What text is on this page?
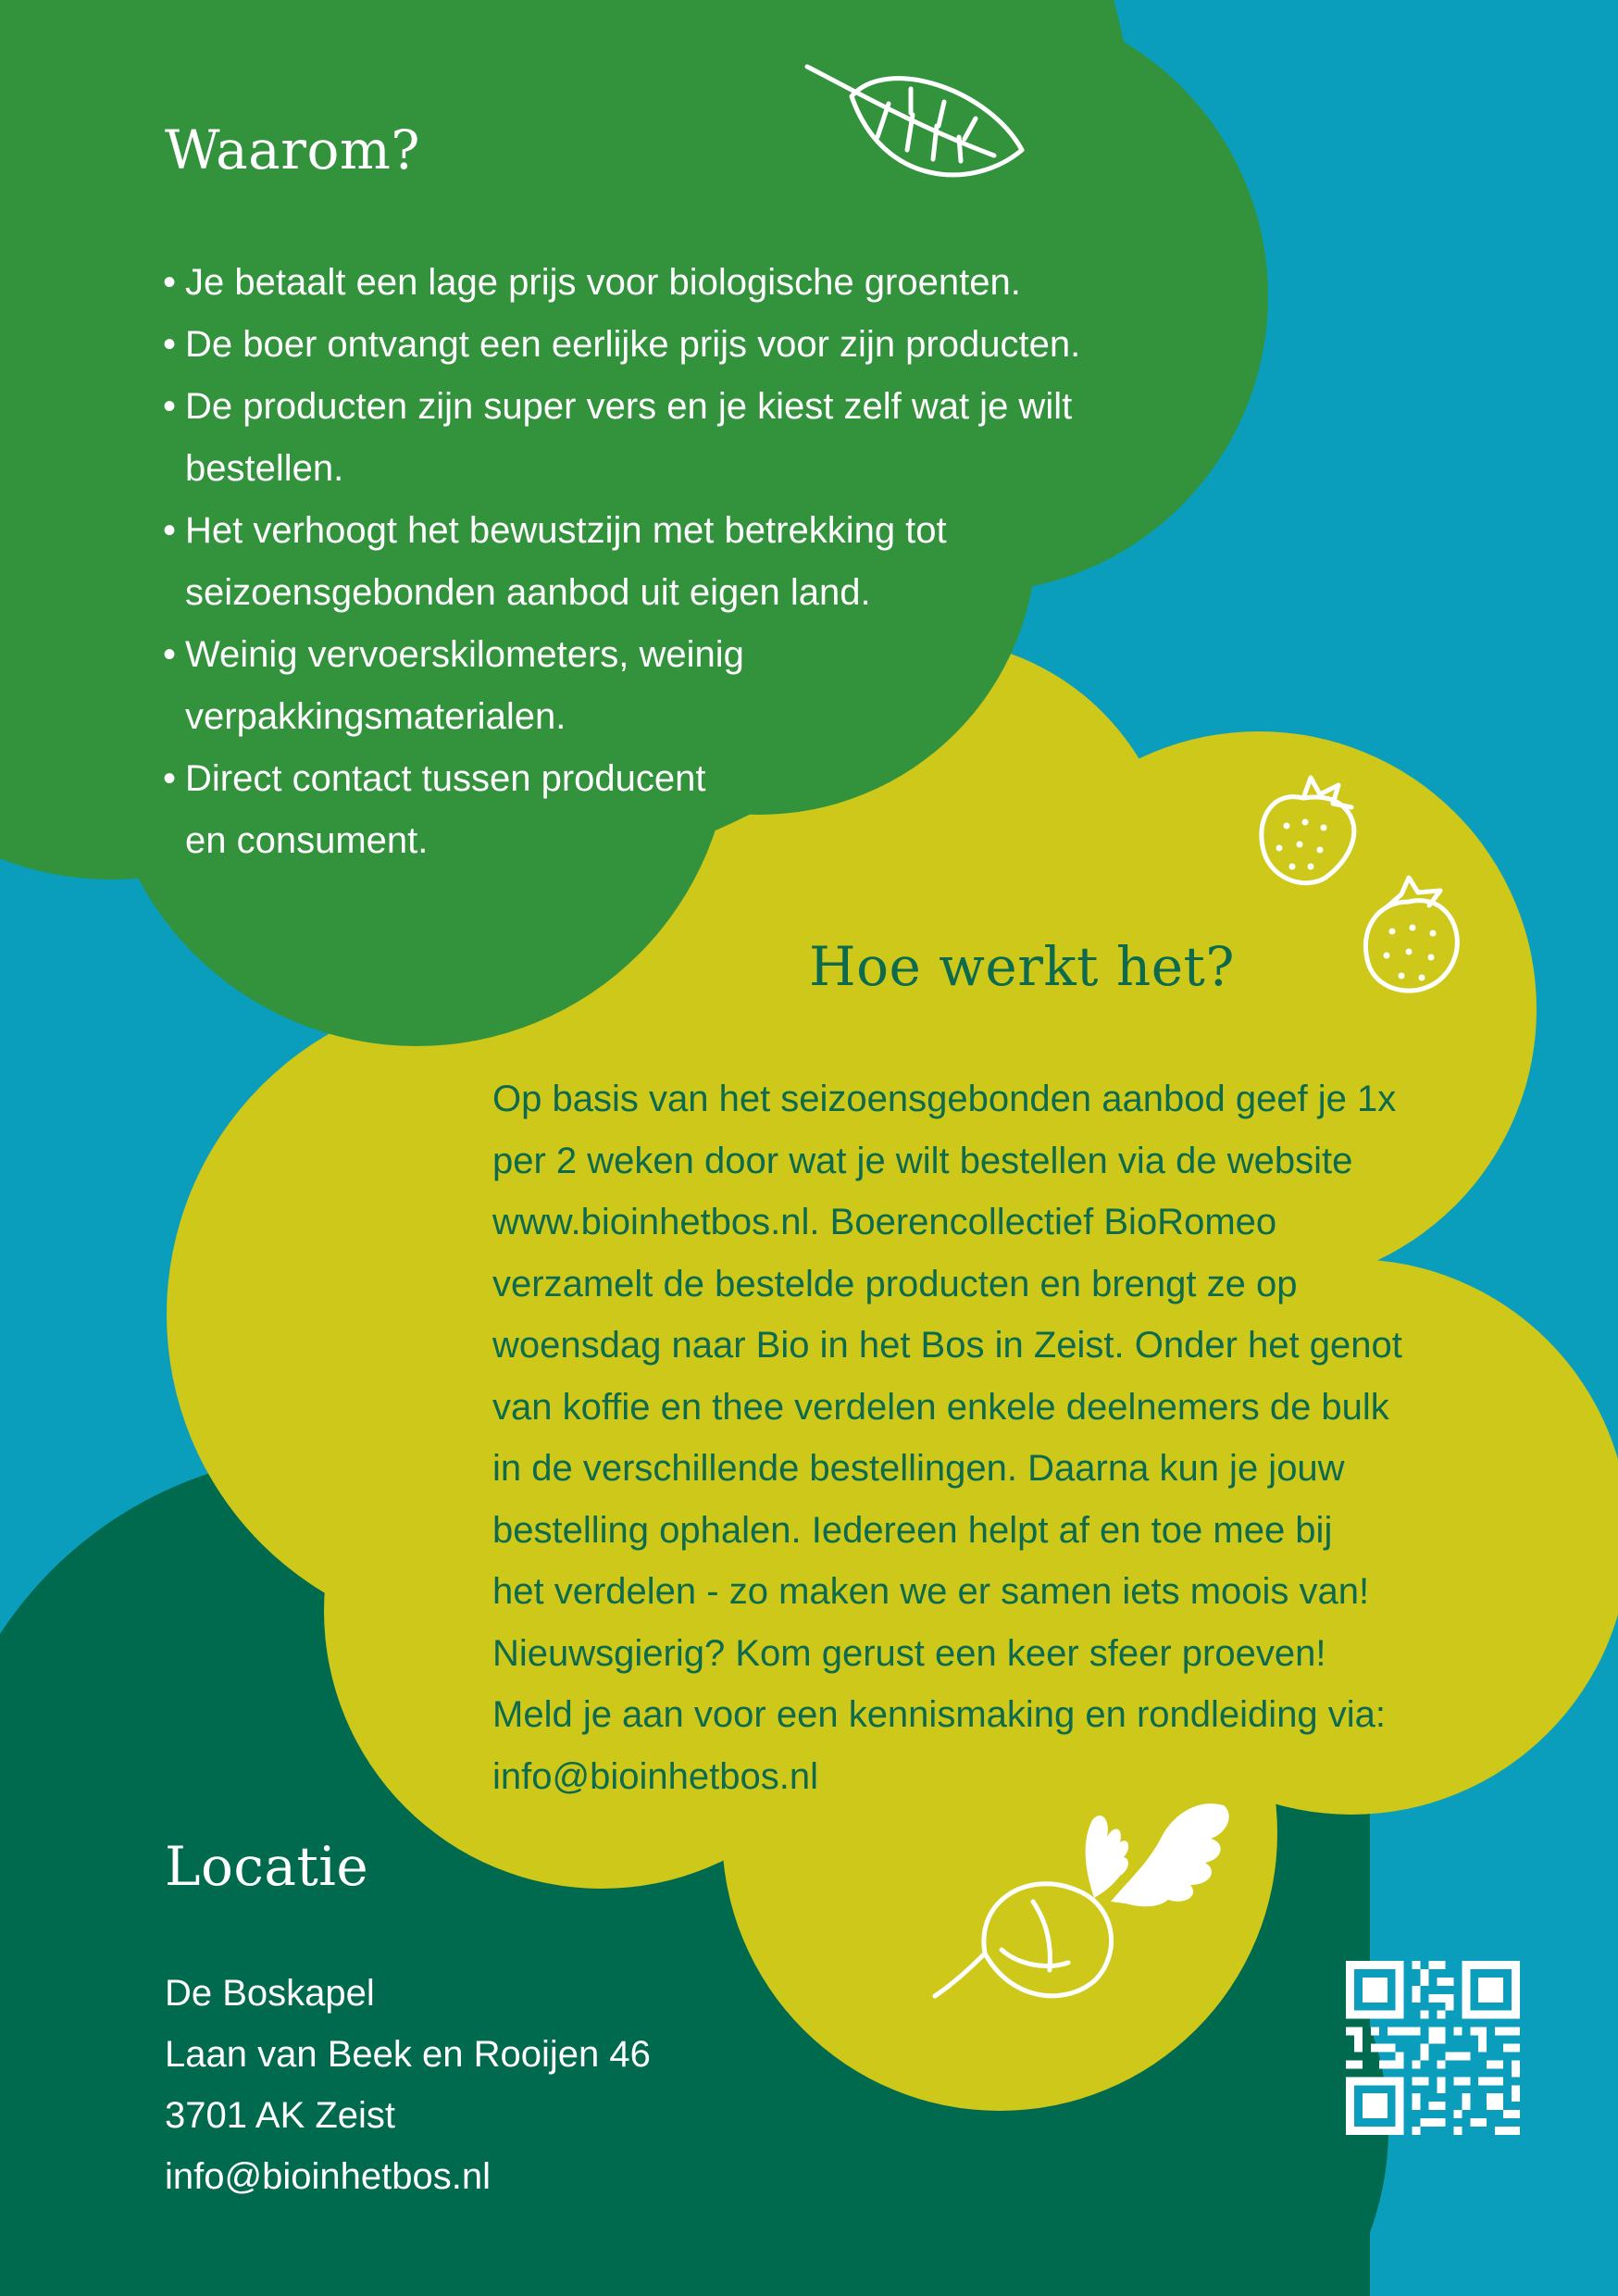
Waarom?
• Je betaalt een lage prijs voor biologische groenten.
• De boer ontvangt een eerlijke prijs voor zijn producten.
• De producten zijn super vers en je kiest zelf wat je wilt
bestellen.
• Het verhoogt het bewustzijn met betrekking tot
seizoensgebonden aanbod uit eigen land.
• Weinig vervoerskilometers, weinig
verpakkingsmaterialen.
• Direct contact tussen producent
en consument.
Hoe werkt het?
Op basis van het seizoensgebonden aanbod geef je 1x
per 2 weken door wat je wilt bestellen via de website
www.bioinhetbos.nl. Boerencollectief BioRomeo
verzamelt de bestelde producten en brengt ze op
woensdag naar Bio in het Bos in Zeist. Onder het genot
van koffie en thee verdelen enkele deelnemers de bulk
in de verschillende bestellingen. Daarna kun je jouw
bestelling ophalen. Iedereen helpt af en toe mee bij
het verdelen - zo maken we er samen iets moois van!
Nieuwsgierig? Kom gerust een keer sfeer proeven!
Meld je aan voor een kennismaking en rondleiding via:
info@bioinhetbos.nl
Locatie
De Boskapel
Laan van Beek en Rooijen 46
3701 AK Zeist
info@bioinhetbos.nl
